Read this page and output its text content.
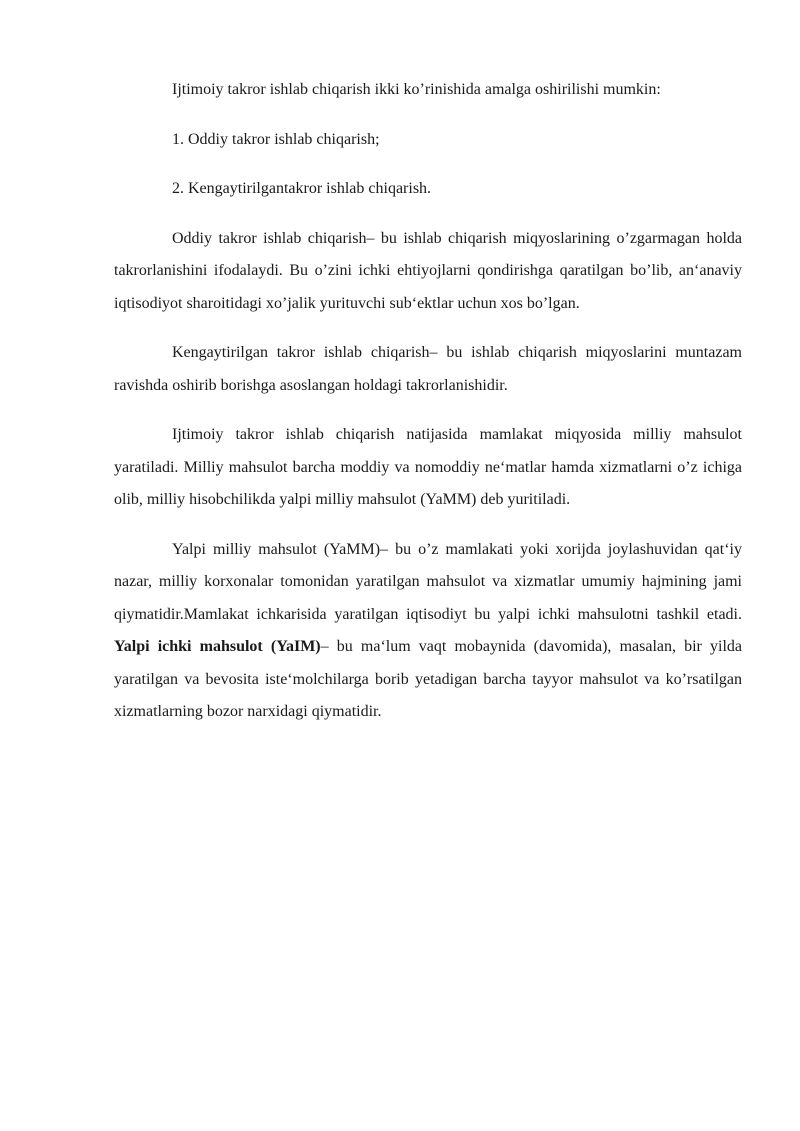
Ijtimoiy takror ishlab chiqarish ikki ko’rinishida amalga oshirilishi mumkin:

1. Oddiy takror ishlab chiqarish;

2. Kengaytirilgantakror ishlab chiqarish.

Oddiy takror ishlab chiqarish– bu ishlab chiqarish miqyoslarining o’zgarmagan holda takrorlanishini ifodalaydi. Bu o’zini ichki ehtiyojlarni qondirishga qaratilgan bo’lib, an‘anaviy iqtisodiyot sharoitidagi xo’jalik yurituvchi sub‘ektlar uchun xos bo’lgan.

Kengaytirilgan takror ishlab chiqarish– bu ishlab chiqarish miqyoslarini muntazam ravishda oshirib borishga asoslangan holdagi takrorlanishidir.

Ijtimoiy takror ishlab chiqarish natijasida mamlakat miqyosida milliy mahsulot yaratiladi. Milliy mahsulot barcha moddiy va nomoddiy ne‘matlar hamda xizmatlarni o’z ichiga olib, milliy hisobchilikda yalpi milliy mahsulot (YaMM) deb yuritiladi.

Yalpi milliy mahsulot (YaMM)– bu o’z mamlakati yoki xorijda joylashuvidan qat‘iy nazar, milliy korxonalar tomonidan yaratilgan mahsulot va xizmatlar umumiy hajmining jami qiymatidir.Mamlakat ichkarisida yaratilgan iqtisodiyt bu yalpi ichki mahsulotni tashkil etadi. Yalpi ichki mahsulot (YaIM)– bu ma‘lum vaqt mobaynida (davomida), masalan, bir yilda yaratilgan va bevosita iste‘molchilarga borib yetadigan barcha tayyor mahsulot va ko’rsatilgan xizmatlarning bozor narxidagi qiymatidir.
